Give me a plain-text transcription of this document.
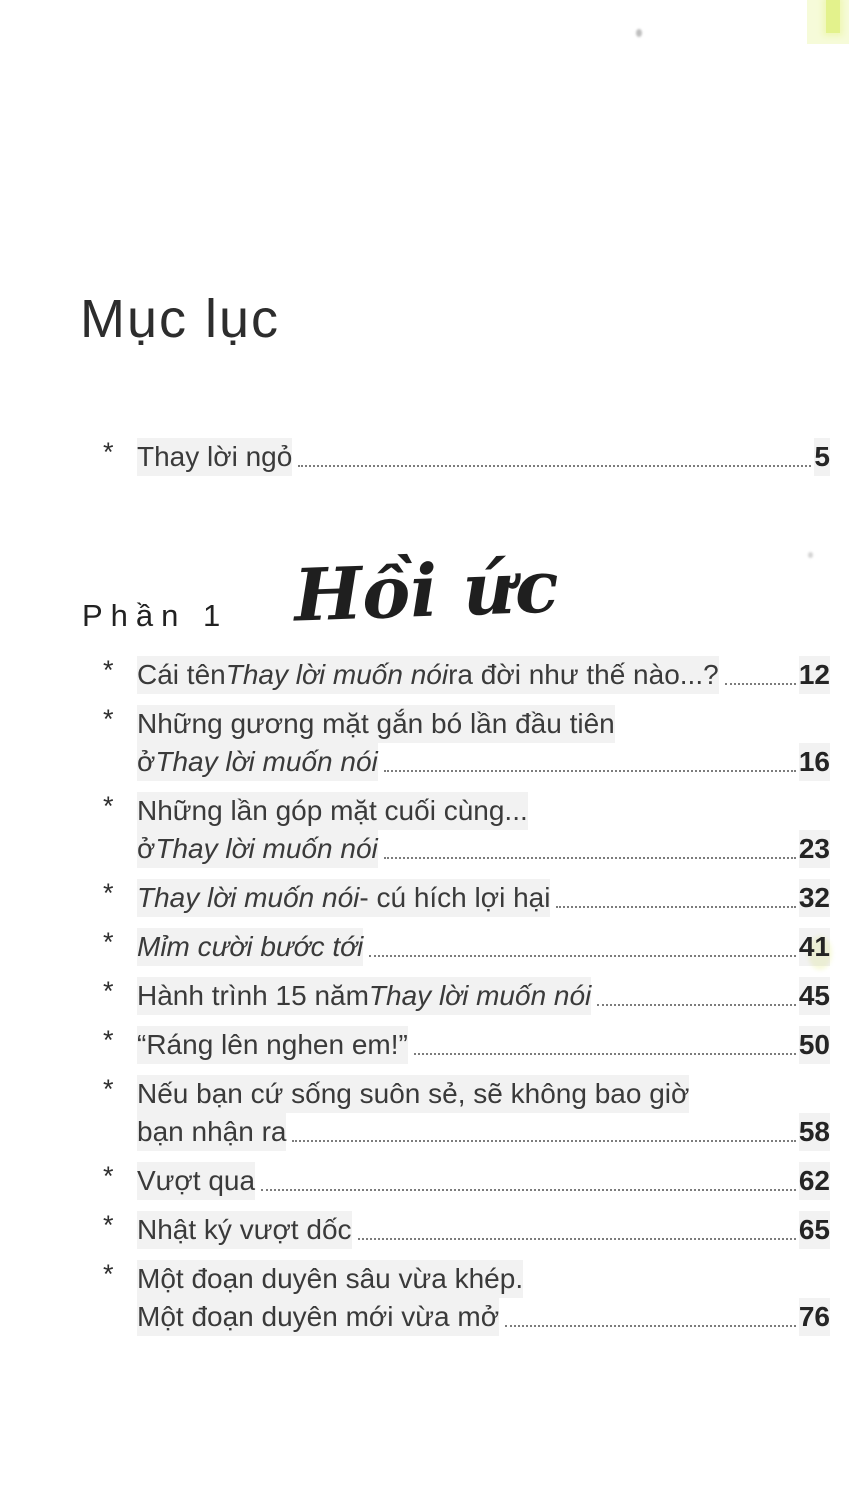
Mục lục
* Thay lời ngỏ	5
Phần 1 Hồi ức
* Cái tên Thay lời muốn nói ra đời như thế nào...?	12
* Những gương mặt gắn bó lần đầu tiên
ở Thay lời muốn nói	16
* Những lần góp mặt cuối cùng...
ở Thay lời muốn nói	23
* Thay lời muốn nói - cú hích lợi hại	32
* Mỉm cười bước tới	41
* Hành trình 15 năm Thay lời muốn nói	45
* “Ráng lên nghen em!”	50
* Nếu bạn cứ sống suôn sẻ, sẽ không bao giờ
bạn nhận ra	58
* Vượt qua	62
* Nhật ký vượt dốc	65
* Một đoạn duyên sâu vừa khép.
Một đoạn duyên mới vừa mở	76
